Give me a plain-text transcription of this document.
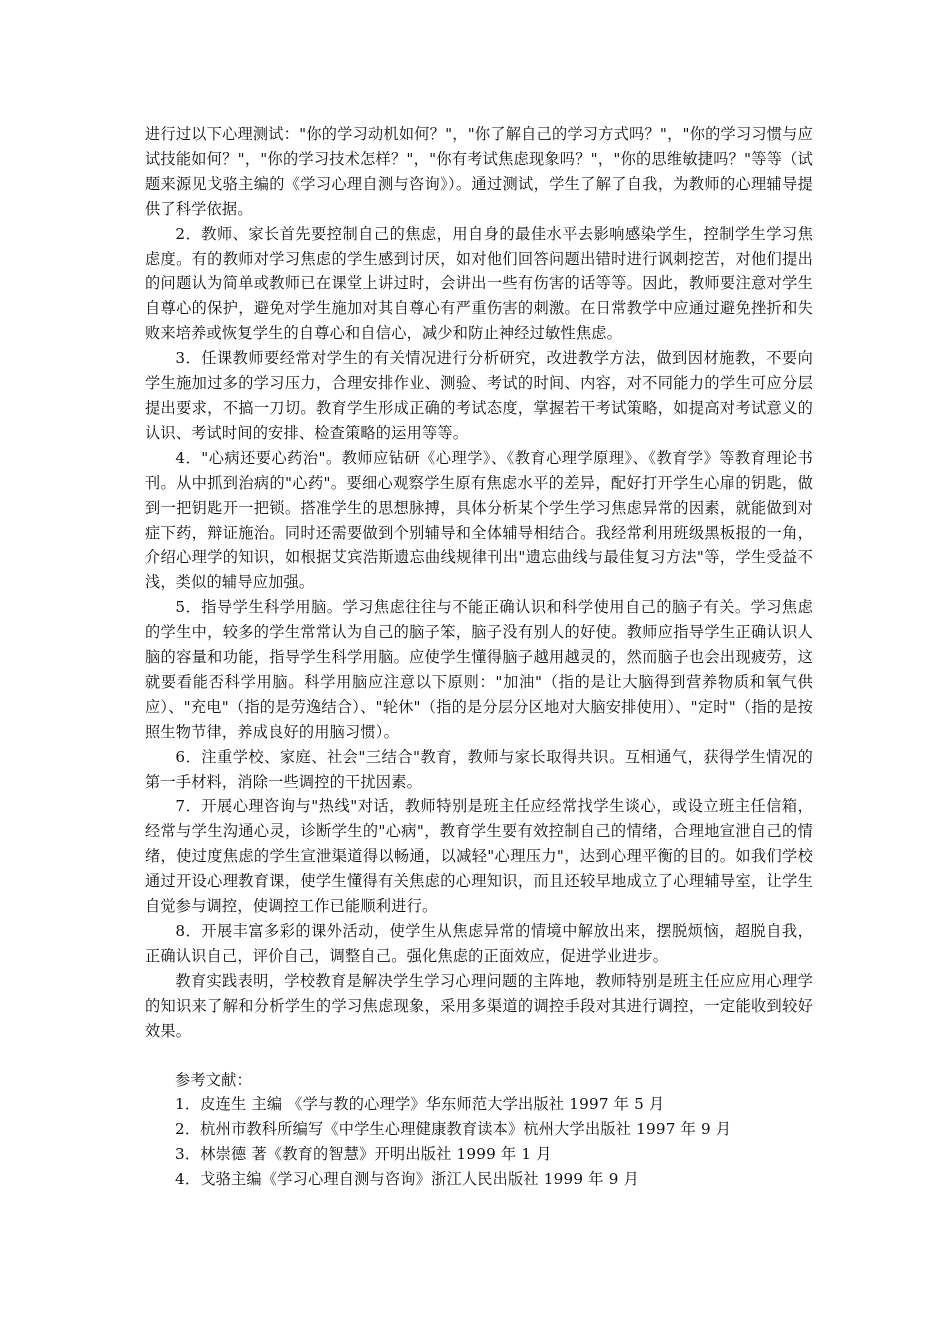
进行过以下心理测试："你的学习动机如何？"，"你了解自己的学习方式吗？"，"你的学习习惯与应试技能如何？"，"你的学习技术怎样？"，"你有考试焦虑现象吗？"，"你的思维敏捷吗？"等等（试题来源见戈骆主编的《学习心理自测与咨询》）。通过测试，学生了解了自我，为教师的心理辅导提供了科学依据。

2．教师、家长首先要控制自己的焦虑，用自身的最佳水平去影响感染学生，控制学生学习焦虑度。有的教师对学习焦虑的学生感到讨厌，如对他们回答问题出错时进行讽刺挖苦，对他们提出的问题认为简单或教师已在课堂上讲过时，会讲出一些有伤害的话等等。因此，教师要注意对学生自尊心的保护，避免对学生施加对其自尊心有严重伤害的刺激。在日常教学中应通过避免挫折和失败来培养或恢复学生的自尊心和自信心，减少和防止神经过敏性焦虑。

3．任课教师要经常对学生的有关情况进行分析研究，改进教学方法，做到因材施教，不要向学生施加过多的学习压力，合理安排作业、测验、考试的时间、内容，对不同能力的学生可应分层提出要求，不搞一刀切。教育学生形成正确的考试态度，掌握若干考试策略，如提高对考试意义的认识、考试时间的安排、检查策略的运用等等。

4．"心病还要心药治"。教师应钻研《心理学》、《教育心理学原理》、《教育学》等教育理论书刊。从中抓到治病的"心药"。要细心观察学生原有焦虑水平的差异，配好打开学生心扉的钥匙，做到一把钥匙开一把锁。搭准学生的思想脉搏，具体分析某个学生学习焦虑异常的因素，就能做到对症下药，辩证施治。同时还需要做到个别辅导和全体辅导相结合。我经常利用班级黑板报的一角，介绍心理学的知识，如根据艾宾浩斯遗忘曲线规律刊出"遗忘曲线与最佳复习方法"等，学生受益不浅，类似的辅导应加强。

5．指导学生科学用脑。学习焦虑往往与不能正确认识和科学使用自己的脑子有关。学习焦虑的学生中，较多的学生常常认为自己的脑子笨，脑子没有别人的好使。教师应指导学生正确认识人脑的容量和功能，指导学生科学用脑。应使学生懂得脑子越用越灵的，然而脑子也会出现疲劳，这就要看能否科学用脑。科学用脑应注意以下原则："加油"（指的是让大脑得到营养物质和氧气供应）、"充电"（指的是劳逸结合）、"轮休"（指的是分层分区地对大脑安排使用）、"定时"（指的是按照生物节律，养成良好的用脑习惯）。

6．注重学校、家庭、社会"三结合"教育，教师与家长取得共识。互相通气，获得学生情况的第一手材料，消除一些调控的干扰因素。

7．开展心理咨询与"热线"对话，教师特别是班主任应经常找学生谈心，或设立班主任信箱，经常与学生沟通心灵，诊断学生的"心病"，教育学生要有效控制自己的情绪，合理地宣泄自己的情绪，使过度焦虑的学生宣泄渠道得以畅通，以减轻"心理压力"，达到心理平衡的目的。如我们学校通过开设心理教育课，使学生懂得有关焦虑的心理知识，而且还较早地成立了心理辅导室，让学生自觉参与调控，使调控工作已能顺利进行。

8．开展丰富多彩的课外活动，使学生从焦虑异常的情境中解放出来，摆脱烦恼，超脱自我，正确认识自己，评价自己，调整自己。强化焦虑的正面效应，促进学业进步。

教育实践表明，学校教育是解决学生学习心理问题的主阵地，教师特别是班主任应应用心理学的知识来了解和分析学生的学习焦虑现象，采用多渠道的调控手段对其进行调控，一定能收到较好效果。

参考文献：

1．皮连生 主编 《学与教的心理学》华东师范大学出版社 1997 年 5 月

2．杭州市教科所编写《中学生心理健康教育读本》杭州大学出版社 1997 年 9 月

3．林崇德 著《教育的智慧》开明出版社 1999 年 1 月

4．戈骆主编《学习心理自测与咨询》浙江人民出版社 1999 年 9 月
